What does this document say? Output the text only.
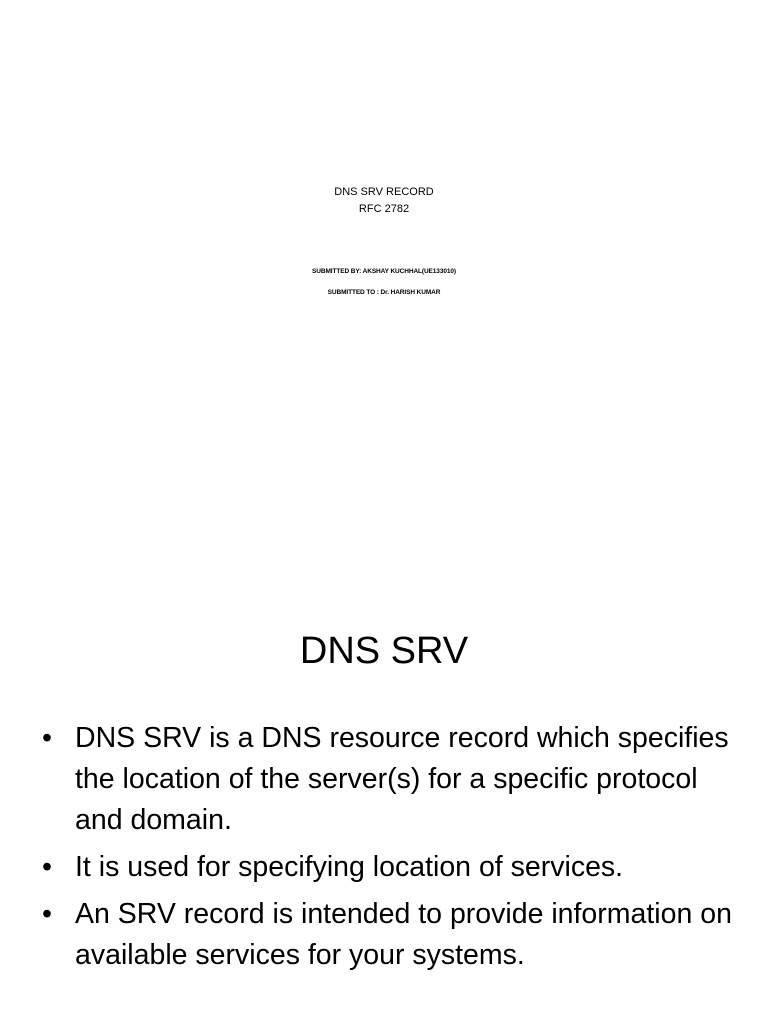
DNS SRV RECORD
RFC 2782
SUBMITTED BY: AKSHAY KUCHHAL(UE133010)
SUBMITTED TO : Dr. HARISH KUMAR
DNS SRV
• DNS SRV is a DNS resource record which specifies the location of the server(s) for a specific protocol and domain.
• It is used for specifying location of services.
• An SRV record is intended to provide information on available services for your systems.
